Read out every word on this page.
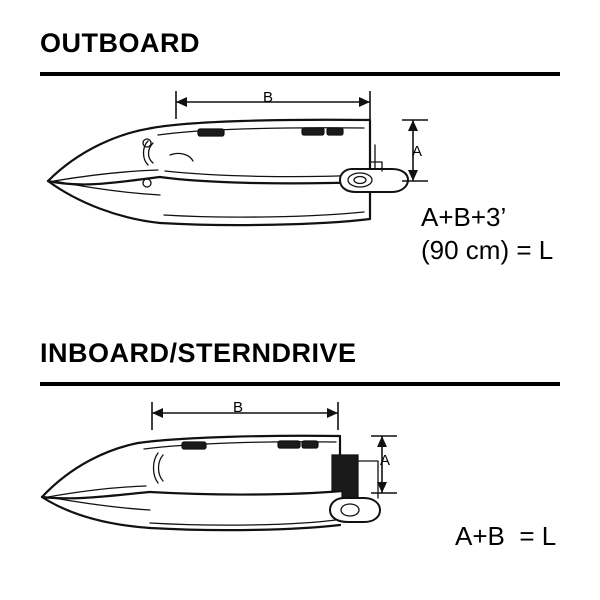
OUTBOARD
B
A
A+B+3’
(90 cm) = L
INBOARD/STERNDRIVE
B
A
A+B  = L
